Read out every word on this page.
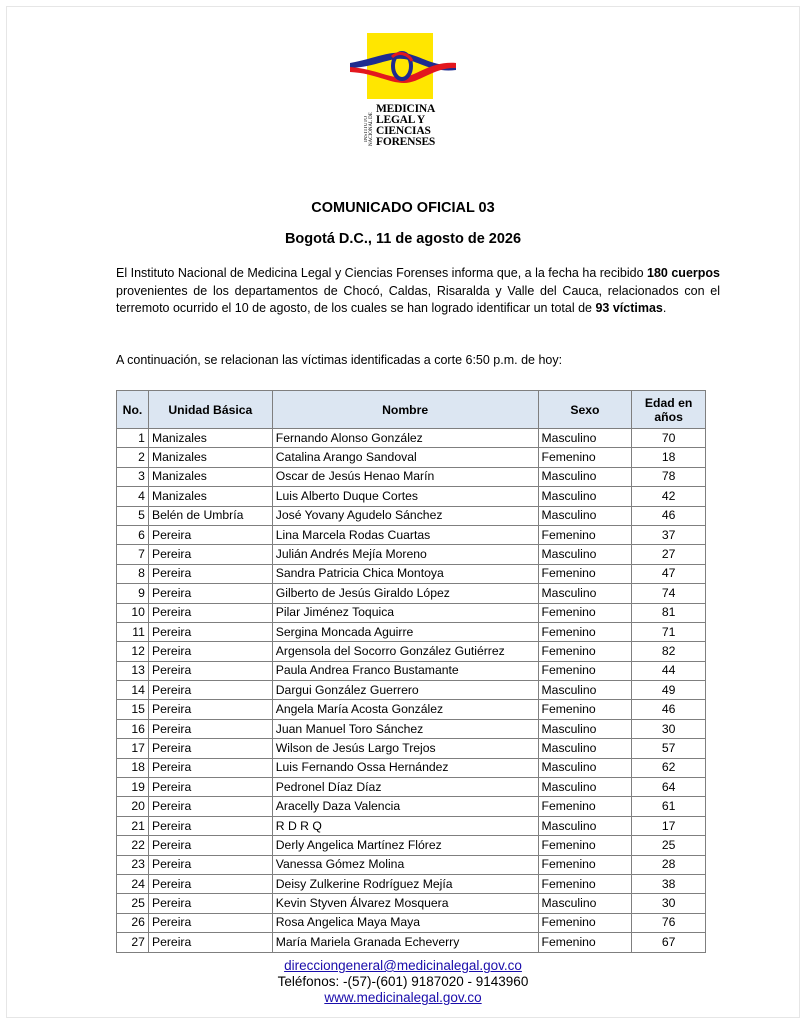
INSTITUTO NACIONAL DE
MEDICINA
LEGAL Y
CIENCIAS
FORENSES
COMUNICADO OFICIAL 03
Bogotá D.C., 11 de agosto de 2026
El Instituto Nacional de Medicina Legal y Ciencias Forenses informa que, a la fecha ha recibido 180 cuerpos provenientes de los departamentos de Chocó, Caldas, Risaralda y Valle del Cauca, relacionados con el terremoto ocurrido el 10 de agosto, de los cuales se han logrado identificar un total de 93 víctimas.
A continuación, se relacionan las víctimas identificadas a corte 6:50 p.m. de hoy:
No.	Unidad Básica	Nombre	Sexo	Edad en años
1	Manizales	Fernando Alonso González	Masculino	70
2	Manizales	Catalina Arango Sandoval	Femenino	18
3	Manizales	Oscar de Jesús Henao Marín	Masculino	78
4	Manizales	Luis Alberto Duque Cortes	Masculino	42
5	Belén de Umbría	José Yovany Agudelo Sánchez	Masculino	46
6	Pereira	Lina Marcela Rodas Cuartas	Femenino	37
7	Pereira	Julián Andrés Mejía Moreno	Masculino	27
8	Pereira	Sandra Patricia Chica Montoya	Femenino	47
9	Pereira	Gilberto de Jesús Giraldo López	Masculino	74
10	Pereira	Pilar Jiménez Toquica	Femenino	81
11	Pereira	Sergina Moncada Aguirre	Femenino	71
12	Pereira	Argensola del Socorro González Gutiérrez	Femenino	82
13	Pereira	Paula Andrea Franco Bustamante	Femenino	44
14	Pereira	Dargui González Guerrero	Masculino	49
15	Pereira	Angela María Acosta González	Femenino	46
16	Pereira	Juan Manuel Toro Sánchez	Masculino	30
17	Pereira	Wilson de Jesús Largo Trejos	Masculino	57
18	Pereira	Luis Fernando Ossa Hernández	Masculino	62
19	Pereira	Pedronel Díaz Díaz	Masculino	64
20	Pereira	Aracelly Daza Valencia	Femenino	61
21	Pereira	R D R Q	Masculino	17
22	Pereira	Derly Angelica Martínez Flórez	Femenino	25
23	Pereira	Vanessa Gómez Molina	Femenino	28
24	Pereira	Deisy Zulkerine Rodríguez Mejía	Femenino	38
25	Pereira	Kevin Styven Álvarez Mosquera	Masculino	30
26	Pereira	Rosa Angelica Maya Maya	Femenino	76
27	Pereira	María Mariela Granada Echeverry	Femenino	67
direcciongeneral@medicinalegal.gov.co
Teléfonos: -(57)-(601) 9187020 - 9143960
www.medicinalegal.gov.co
